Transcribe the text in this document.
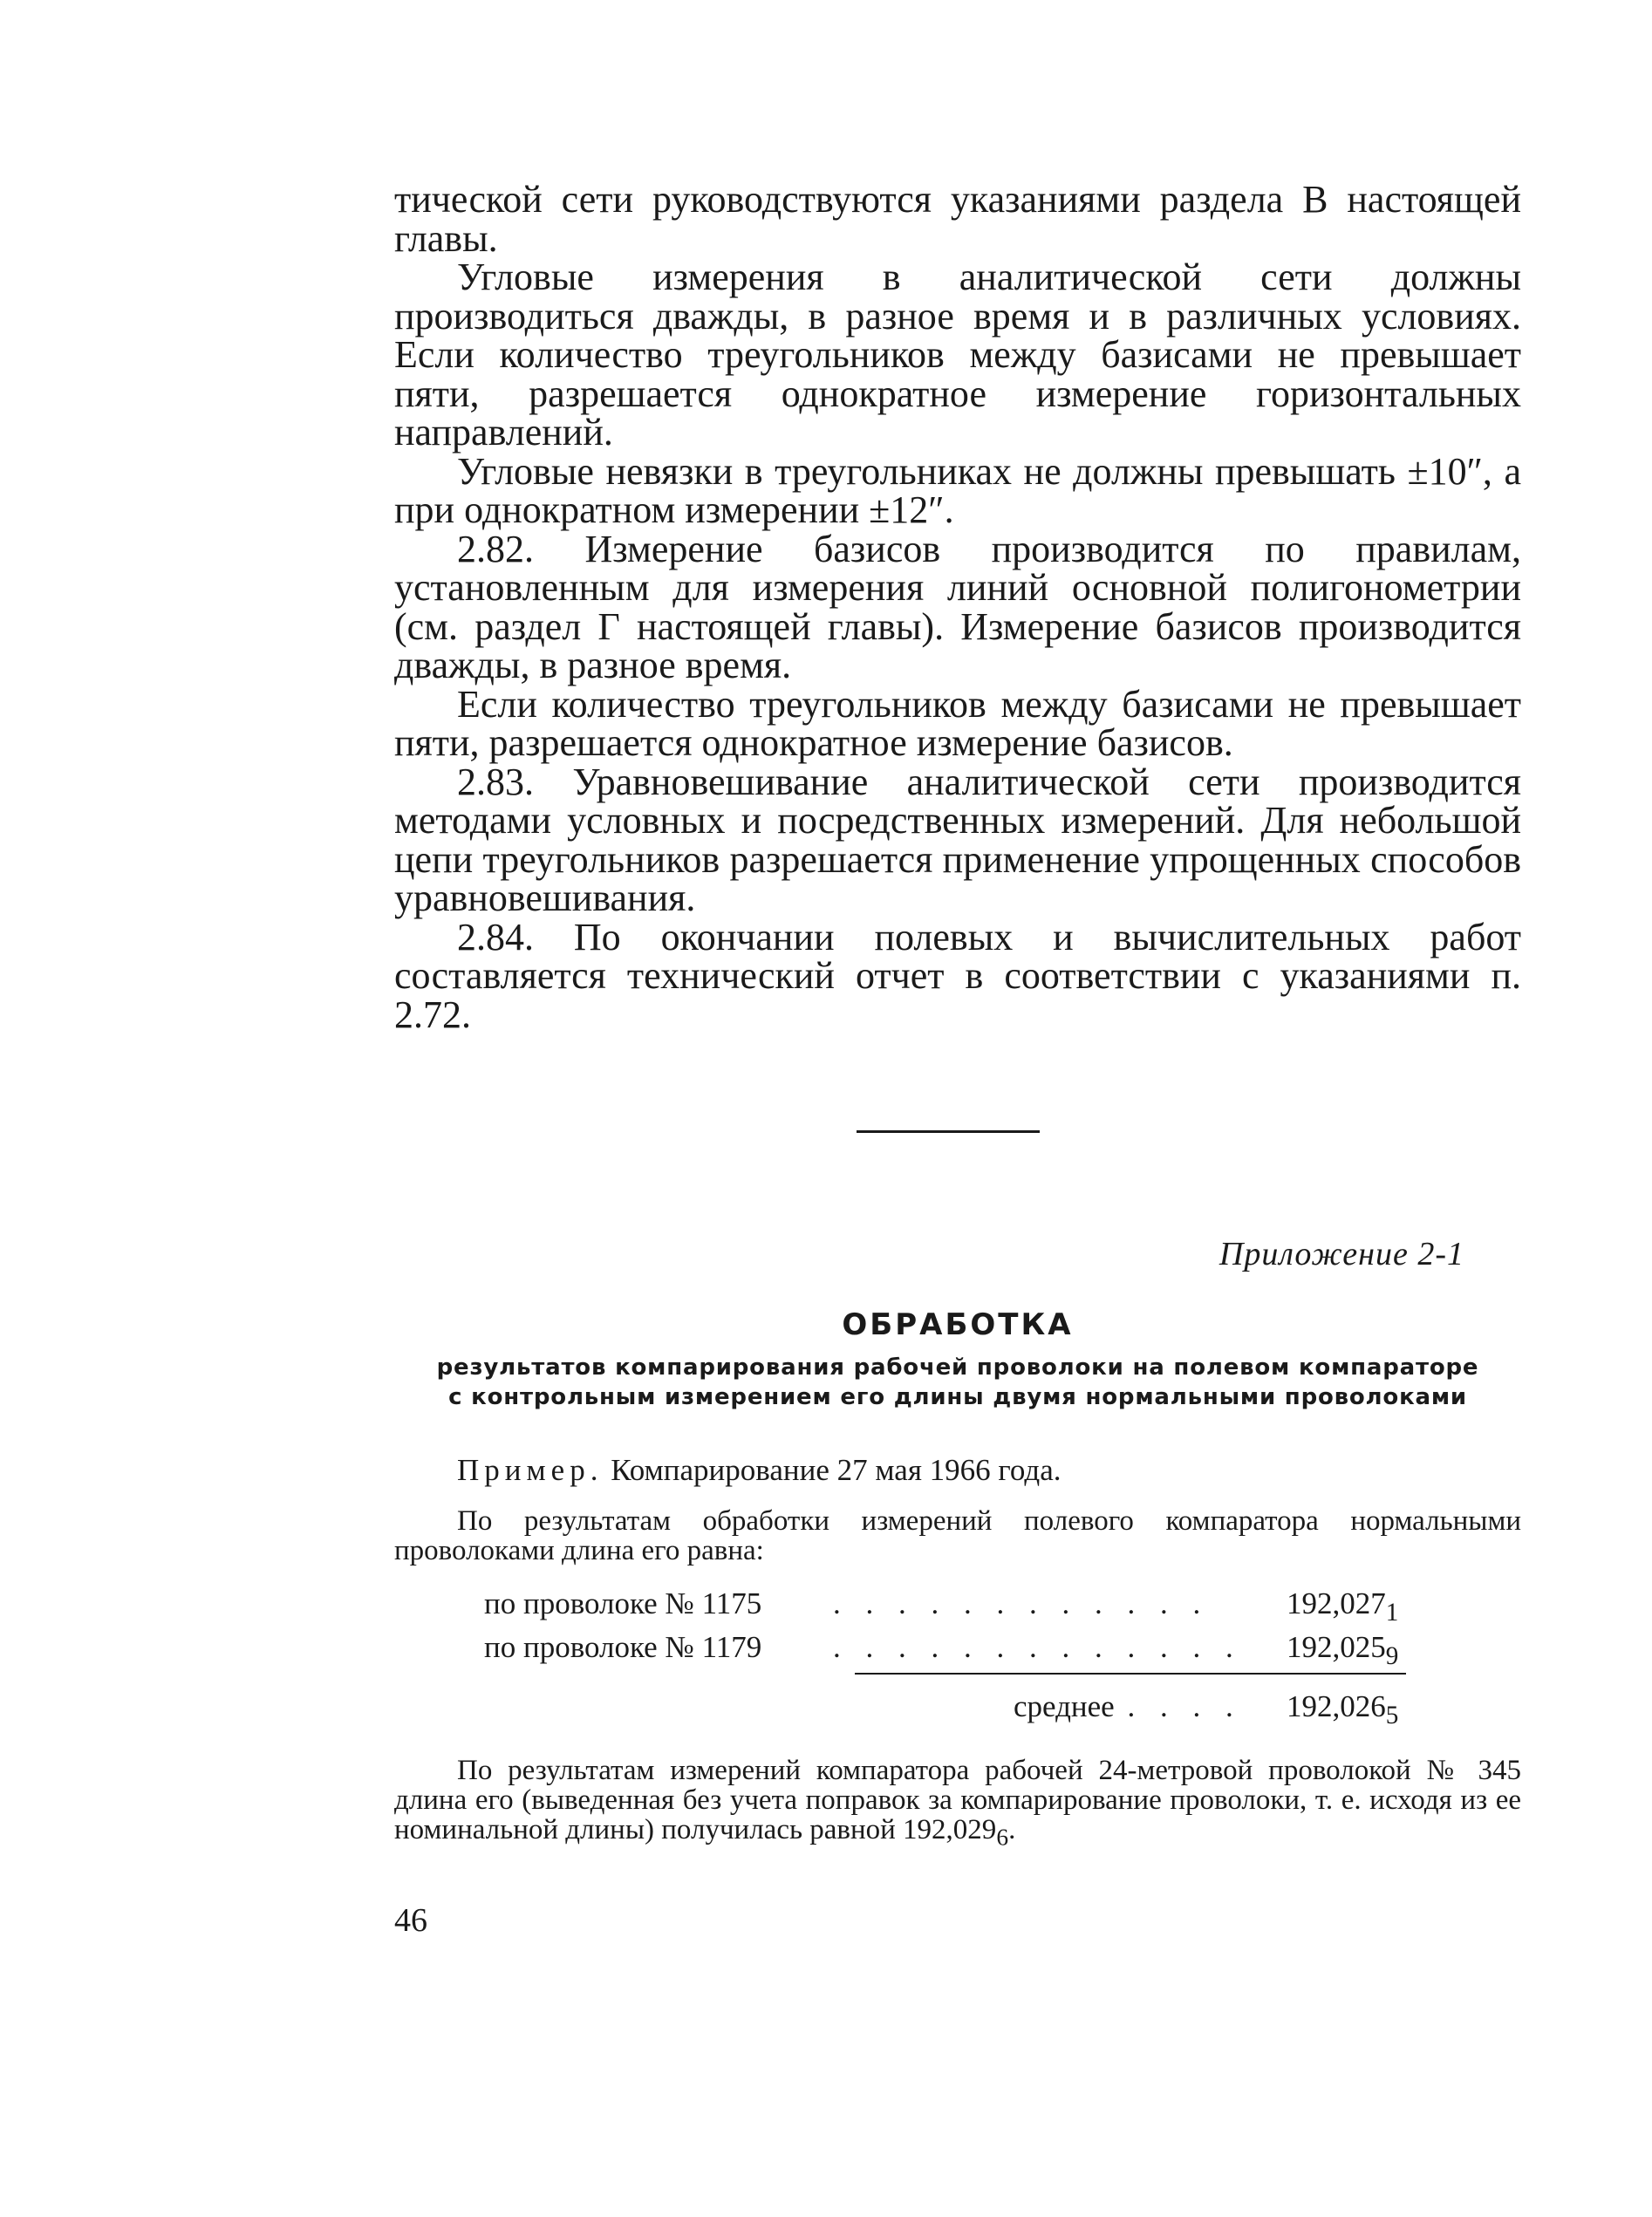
тической сети руководствуются указаниями раздела В настоящей главы.

Угловые измерения в аналитической сети должны производиться дважды, в разное время и в различных условиях. Если количество треугольников между базисами не превышает пяти, разрешается однократное измерение горизонтальных направлений.

Угловые невязки в треугольниках не должны превышать ±10″, а при однократном измерении ±12″.

2.82. Измерение базисов производится по правилам, установленным для измерения линий основной полигонометрии (см. раздел Г настоящей главы). Измерение базисов производится дважды, в разное время.

Если количество треугольников между базисами не превышает пяти, разрешается однократное измерение базисов.

2.83. Уравновешивание аналитической сети производится методами условных и посредственных измерений. Для небольшой цепи треугольников разрешается применение упрощенных способов уравновешивания.

2.84. По окончании полевых и вычислительных работ составляется технический отчет в соответствии с указаниями п. 2.72.

Приложение 2-1
ОБРАБОТКА
результатов компарирования рабочей проволоки на полевом компараторе
с контрольным измерением его длины двумя нормальными проволоками
Пример. Компарирование 27 мая 1966 года.

По результатам обработки измерений полевого компаратора нормальными проволоками длина его равна:

по проволоке № 1175 . . . . . . . . . . . .	$192,027_1$
по проволоке № 1179 . . . . . . . . . . . . . $192,025_9$
среднее . . . . $192,026_5$

По результатам измерений компаратора рабочей 24-метровой проволокой № 345 длина его (выведенная без учета поправок за компарирование проволоки, т. е. исходя из ее номинальной длины) получилась равной $192,029_6$.

46
